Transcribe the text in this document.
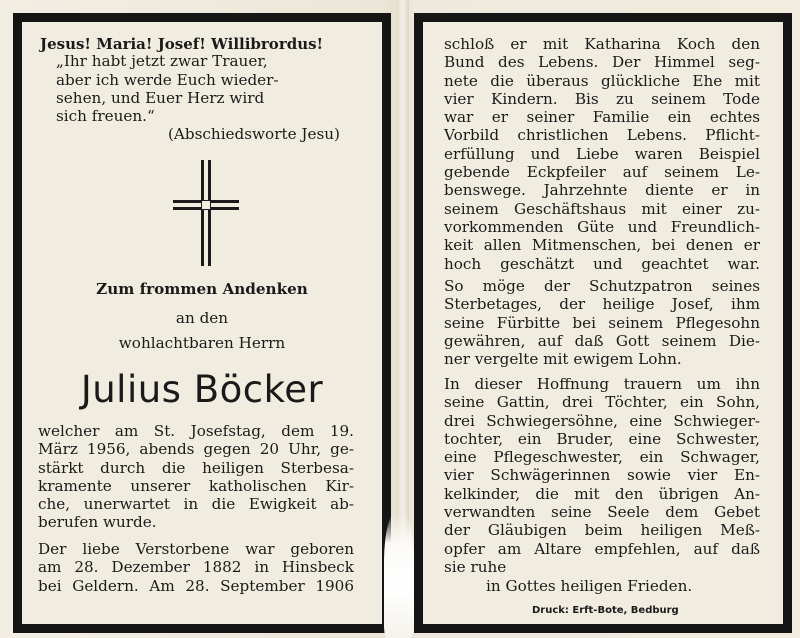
Jesus! Maria! Josef! Willibrordus!
„Ihr habt jetzt zwar Trauer,
aber ich werde Euch wieder-
sehen, und Euer Herz wird
sich freuen.“
(Abschiedsworte Jesu)
Zum frommen Andenken
an den
wohlachtbaren Herrn
Julius Böcker
welcher am St. Josefstag, dem 19.
März 1956, abends gegen 20 Uhr, ge-
stärkt durch die heiligen Sterbesa-
kramente unserer katholischen Kir-
che, unerwartet in die Ewigkeit ab-
berufen wurde.
Der liebe Verstorbene war geboren
am 28. Dezember 1882 in Hinsbeck
bei Geldern. Am 28. September 1906
schloß er mit Katharina Koch den
Bund des Lebens. Der Himmel seg-
nete die überaus glückliche Ehe mit
vier Kindern. Bis zu seinem Tode
war er seiner Familie ein echtes
Vorbild christlichen Lebens. Pflicht-
erfüllung und Liebe waren Beispiel
gebende Eckpfeiler auf seinem Le-
benswege. Jahrzehnte diente er in
seinem Geschäftshaus mit einer zu-
vorkommenden Güte und Freundlich-
keit allen Mitmenschen, bei denen er
hoch geschätzt und geachtet war.
So möge der Schutzpatron seines
Sterbetages, der heilige Josef, ihm
seine Fürbitte bei seinem Pflegesohn
gewähren, auf daß Gott seinem Die-
ner vergelte mit ewigem Lohn.
In dieser Hoffnung trauern um ihn
seine Gattin, drei Töchter, ein Sohn,
drei Schwiegersöhne, eine Schwieger-
tochter, ein Bruder, eine Schwester,
eine Pflegeschwester, ein Schwager,
vier Schwägerinnen sowie vier En-
kelkinder, die mit den übrigen An-
verwandten seine Seele dem Gebet
der Gläubigen beim heiligen Meß-
opfer am Altare empfehlen, auf daß
sie ruhe
in Gottes heiligen Frieden.
Druck: Erft-Bote, Bedburg
